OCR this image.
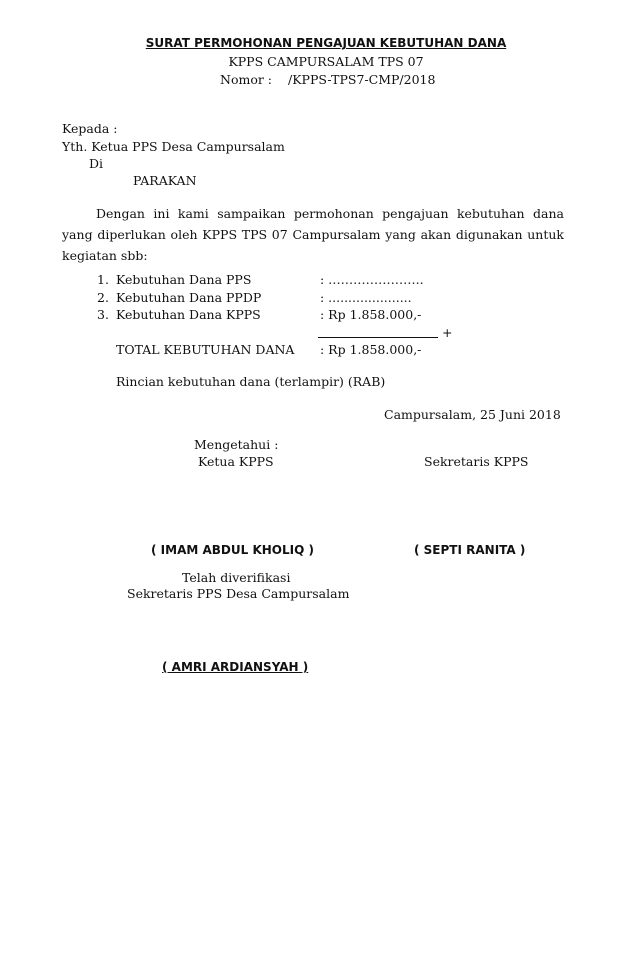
SURAT PERMOHONAN PENGAJUAN KEBUTUHAN DANA
KPPS CAMPURSALAM TPS 07
Nomor : /KPPS-TPS7-CMP/2018
Kepada :
Yth. Ketua PPS Desa Campursalam
Di
PARAKAN
Dengan ini kami sampaikan permohonan pengajuan kebutuhan dana yang diperlukan oleh KPPS TPS 07 Campursalam yang akan digunakan untuk kegiatan sbb:
1. Kebutuhan Dana PPS	: …………………..
2. Kebutuhan Dana PPDP	: .....................
3. Kebutuhan Dana KPPS	: Rp 1.858.000,-
+
TOTAL KEBUTUHAN DANA : Rp 1.858.000,-
Rincian kebutuhan dana (terlampir) (RAB)
Campursalam, 25 Juni 2018
Mengetahui :
Ketua KPPS	Sekretaris KPPS
( IMAM ABDUL KHOLIQ )	( SEPTI RANITA )
Telah diverifikasi
Sekretaris PPS Desa Campursalam
( AMRI ARDIANSYAH )
